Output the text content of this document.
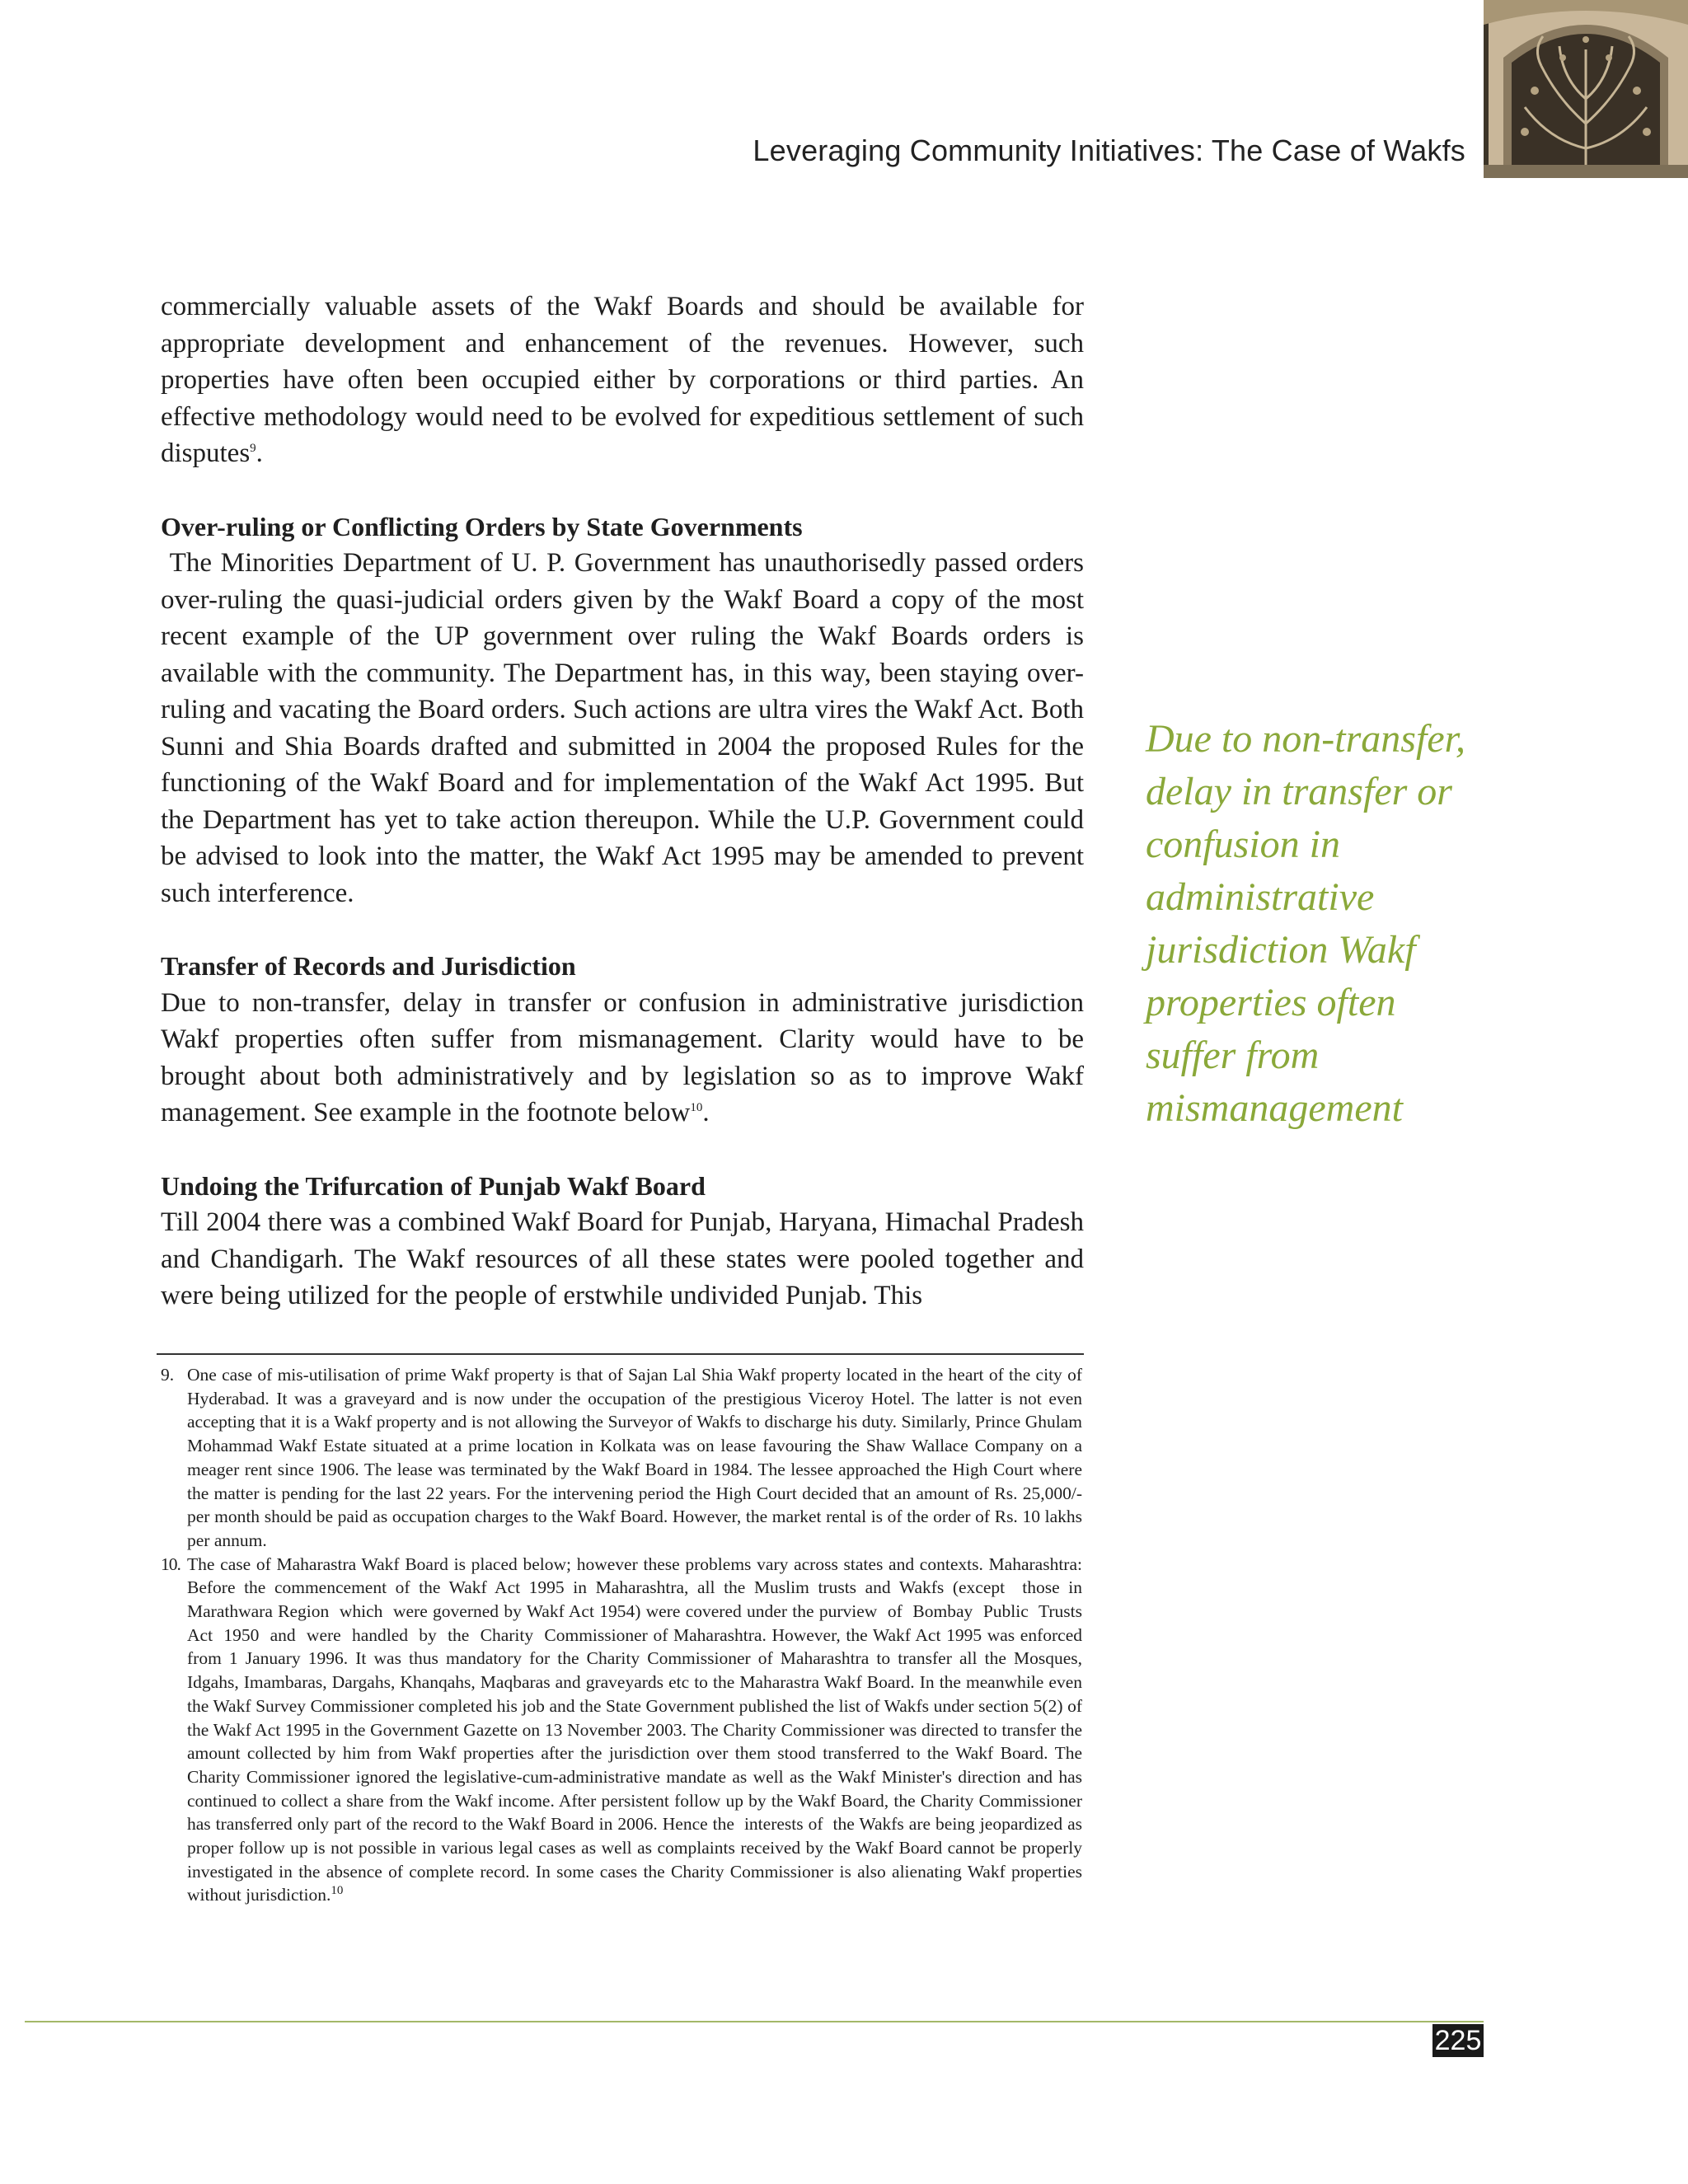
Leveraging Community Initiatives: The Case of Wakfs

commercially valuable assets of the Wakf Boards and should be available for appropriate development and enhancement of the revenues. However, such properties have often been occupied either by corporations or third parties. An effective methodology would need to be evolved for expeditious settlement of such disputes$^9$.

Over-ruling or Conflicting Orders by State Governments

The Minorities Department of U. P. Government has unauthorisedly passed orders over-ruling the quasi-judicial orders given by the Wakf Board a copy of the most recent example of the UP government over ruling the Wakf Boards orders is available with the community. The Department has, in this way, been staying over-ruling and vacating the Board orders. Such actions are ultra vires the Wakf Act. Both Sunni and Shia Boards drafted and submitted in 2004 the proposed Rules for the functioning of the Wakf Board and for implementation of the Wakf Act 1995. But the Department has yet to take action thereupon. While the U.P. Government could be advised to look into the matter, the Wakf Act 1995 may be amended to prevent such interference.

Transfer of Records and Jurisdiction

Due to non-transfer, delay in transfer or confusion in administrative jurisdiction Wakf properties often suffer from mismanagement. Clarity would have to be brought about both administratively and by legislation so as to improve Wakf management. See example in the footnote below$^{10}$.

Undoing the Trifurcation of Punjab Wakf Board

Till 2004 there was a combined Wakf Board for Punjab, Haryana, Himachal Pradesh and Chandigarh. The Wakf resources of all these states were pooled together and were being utilized for the people of erstwhile undivided Punjab. This

Due to non-transfer, delay in transfer or confusion in administrative jurisdiction Wakf properties often suffer from mismanagement
9. One case of mis-utilisation of prime Wakf property is that of Sajan Lal Shia Wakf property located in the heart of the city of Hyderabad. It was a graveyard and is now under the occupation of the prestigious Viceroy Hotel. The latter is not even accepting that it is a Wakf property and is not allowing the Surveyor of Wakfs to discharge his duty. Similarly, Prince Ghulam Mohammad Wakf Estate situated at a prime location in Kolkata was on lease favouring the Shaw Wallace Company on a meager rent since 1906. The lease was terminated by the Wakf Board in 1984. The lessee approached the High Court where the matter is pending for the last 22 years. For the intervening period the High Court decided that an amount of Rs. 25,000/- per month should be paid as occupation charges to the Wakf Board. However, the market rental is of the order of Rs. 10 lakhs per annum.
10. The case of Maharastra Wakf Board is placed below; however these problems vary across states and contexts. Maharashtra: Before the commencement of the Wakf Act 1995 in Maharashtra, all the Muslim trusts and Wakfs (except  those in Marathwara Region  which  were governed by Wakf Act 1954) were covered under the purview  of  Bombay  Public  Trusts  Act  1950  and  were  handled  by  the  Charity  Commissioner of Maharashtra. However, the Wakf Act 1995 was enforced from 1 January 1996. It was thus mandatory for the Charity Commissioner of Maharashtra to transfer all the Mosques, Idgahs, Imambaras, Dargahs, Khanqahs, Maqbaras and graveyards etc to the Maharastra Wakf Board. In the meanwhile even the Wakf Survey Commissioner completed his job and the State Government published the list of Wakfs under section 5(2) of the Wakf Act 1995 in the Government Gazette on 13 November 2003. The Charity Commissioner was directed to transfer the amount collected by him from Wakf properties after the jurisdiction over them stood transferred to the Wakf Board. The Charity Commissioner ignored the legislative-cum-administrative mandate as well as the Wakf Minister's direction and has continued to collect a share from the Wakf income. After persistent follow up by the Wakf Board, the Charity Commissioner has transferred only part of the record to the Wakf Board in 2006. Hence the  interests of  the Wakfs are being jeopardized as proper follow up is not possible in various legal cases as well as complaints received by the Wakf Board cannot be properly investigated in the absence of complete record. In some cases the Charity Commissioner is also alienating Wakf properties without jurisdiction.$^{10}$
225
